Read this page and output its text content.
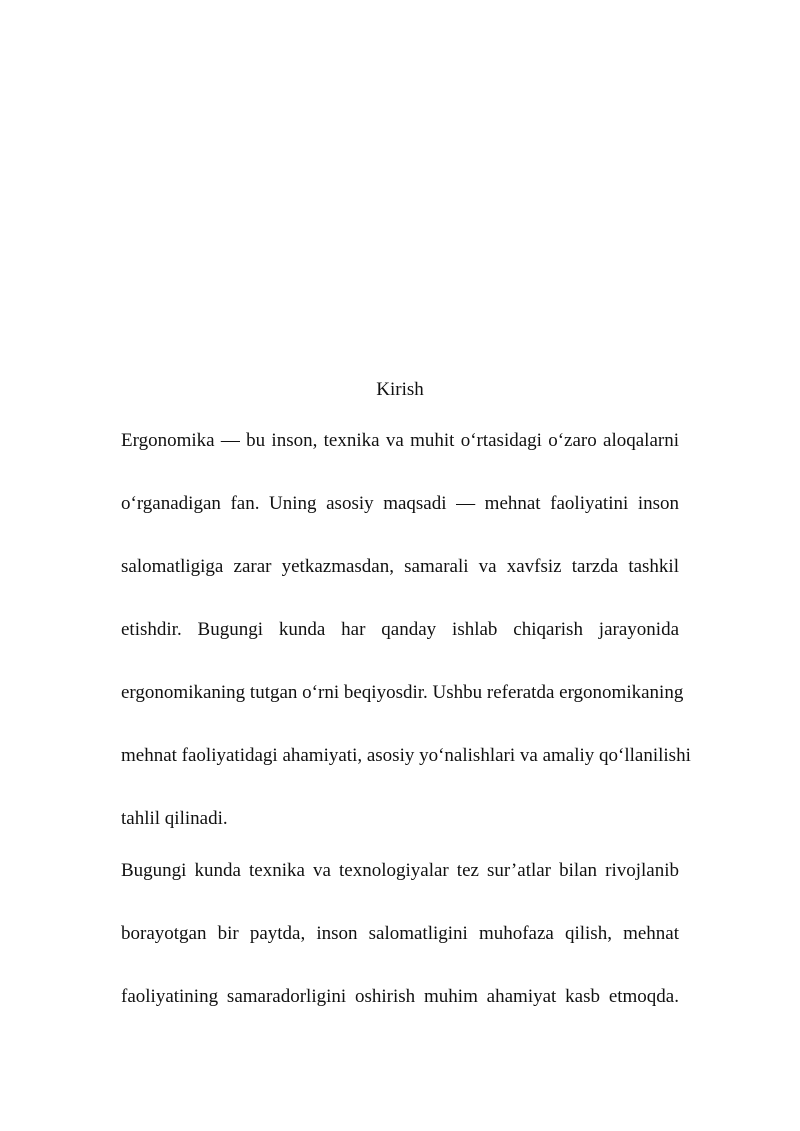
Kirish

Ergonomika — bu inson, texnika va muhit o‘rtasidagi o‘zaro aloqalarni

o‘rganadigan fan. Uning asosiy maqsadi — mehnat faoliyatini inson

salomatligiga zarar yetkazmasdan, samarali va xavfsiz tarzda tashkil

etishdir. Bugungi kunda har qanday ishlab chiqarish jarayonida

ergonomikaning tutgan o‘rni beqiyosdir. Ushbu referatda ergonomikaning

mehnat faoliyatidagi ahamiyati, asosiy yo‘nalishlari va amaliy qo‘llanilishi

tahlil qilinadi.

Bugungi kunda texnika va texnologiyalar tez sur’atlar bilan rivojlanib

borayotgan bir paytda, inson salomatligini muhofaza qilish, mehnat

faoliyatining samaradorligini oshirish muhim ahamiyat kasb etmoqda.
